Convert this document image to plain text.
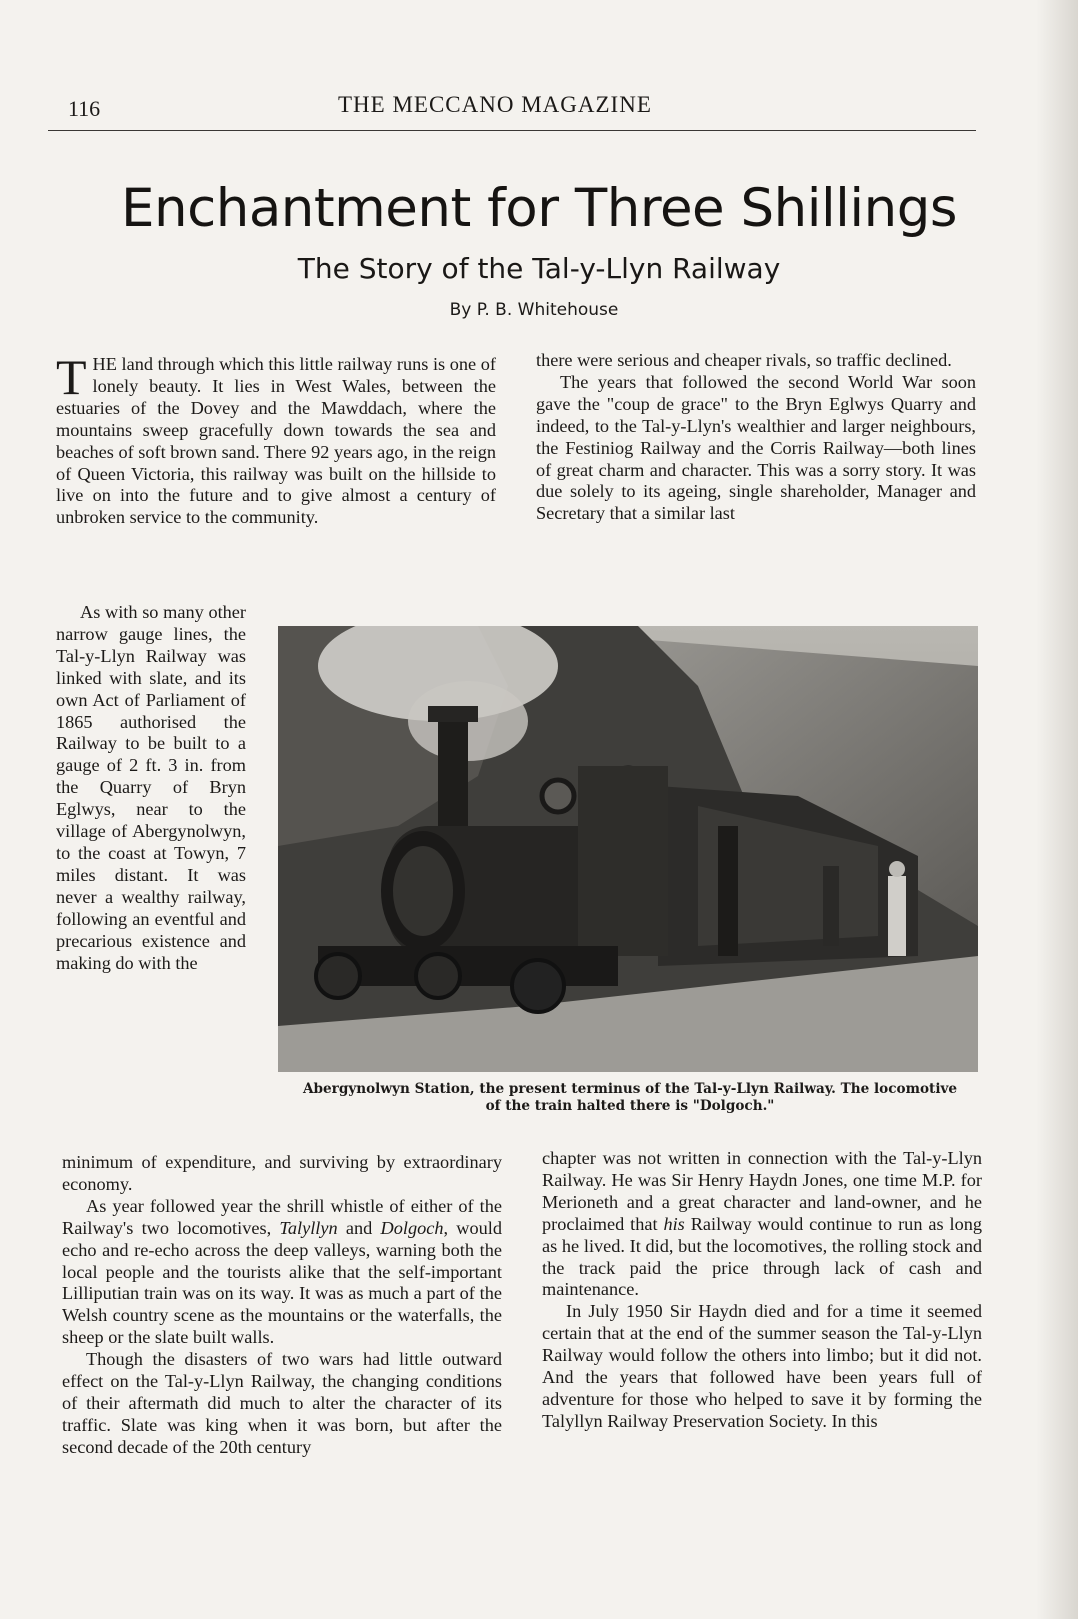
116	THE MECCANO MAGAZINE
Enchantment for Three Shillings
The Story of the Tal-y-Llyn Railway
By P. B. Whitehouse

THE land through which this little railway runs is one of lonely beauty. It lies in West Wales, between the estuaries of the Dovey and the Mawddach, where the mountains sweep gracefully down towards the sea and beaches of soft brown sand. There 92 years ago, in the reign of Queen Victoria, this railway was built on the hillside to live on into the future and to give almost a century of unbroken service to the community.

As with so many other narrow gauge lines, the Tal-y-Llyn Railway was linked with slate, and its own Act of Parliament of 1865 authorised the Railway to be built to a gauge of 2 ft. 3 in. from the Quarry of Bryn Eglwys, near to the village of Abergynolwyn, to the coast at Towyn, 7 miles distant. It was never a wealthy railway, following an eventful and precarious existence and making do with the

Abergynolwyn Station, the present terminus of the Tal-y-Llyn Railway. The locomotive
of the train halted there is "Dolgoch."

minimum of expenditure, and surviving by extraordinary economy.

As year followed year the shrill whistle of either of the Railway's two locomotives, Talyllyn and Dolgoch, would echo and re-echo across the deep valleys, warning both the local people and the tourists alike that the self-important Lilliputian train was on its way. It was as much a part of the Welsh country scene as the mountains or the waterfalls, the sheep or the slate built walls.

Though the disasters of two wars had little outward effect on the Tal-y-Llyn Railway, the changing conditions of their aftermath did much to alter the character of its traffic. Slate was king when it was born, but after the second decade of the 20th century

there were serious and cheaper rivals, so traffic declined.

The years that followed the second World War soon gave the "coup de grace" to the Bryn Eglwys Quarry and indeed, to the Tal-y-Llyn's wealthier and larger neighbours, the Festiniog Railway and the Corris Railway—both lines of great charm and character. This was a sorry story. It was due solely to its ageing, single shareholder, Manager and Secretary that a similar last

chapter was not written in connection with the Tal-y-Llyn Railway. He was Sir Henry Haydn Jones, one time M.P. for Merioneth and a great character and land-owner, and he proclaimed that his Railway would continue to run as long as he lived. It did, but the locomotives, the rolling stock and the track paid the price through lack of cash and maintenance.

In July 1950 Sir Haydn died and for a time it seemed certain that at the end of the summer season the Tal-y-Llyn Railway would follow the others into limbo; but it did not. And the years that followed have been years full of adventure for those who helped to save it by forming the Talyllyn Railway Preservation Society. In this
